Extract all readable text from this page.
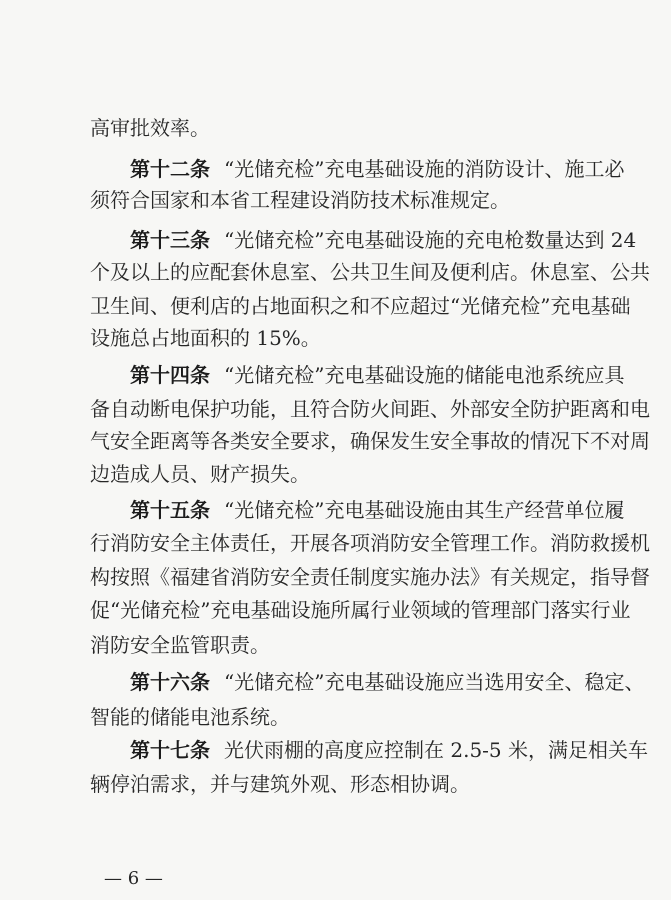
高审批效率。
第十二条 “光储充检”充电基础设施的消防设计、施工必
须符合国家和本省工程建设消防技术标准规定。
第十三条 “光储充检”充电基础设施的充电枪数量达到 24
个及以上的应配套休息室、公共卫生间及便利店。休息室、公共
卫生间、便利店的占地面积之和不应超过“光储充检”充电基础
设施总占地面积的 15%。
第十四条 “光储充检”充电基础设施的储能电池系统应具
备自动断电保护功能，且符合防火间距、外部安全防护距离和电
气安全距离等各类安全要求，确保发生安全事故的情况下不对周
边造成人员、财产损失。
第十五条 “光储充检”充电基础设施由其生产经营单位履
行消防安全主体责任，开展各项消防安全管理工作。消防救援机
构按照《福建省消防安全责任制度实施办法》有关规定，指导督
促“光储充检”充电基础设施所属行业领域的管理部门落实行业
消防安全监管职责。
第十六条 “光储充检”充电基础设施应当选用安全、稳定、
智能的储能电池系统。
第十七条 光伏雨棚的高度应控制在 2.5-5 米，满足相关车
辆停泊需求，并与建筑外观、形态相协调。
— 6 —
